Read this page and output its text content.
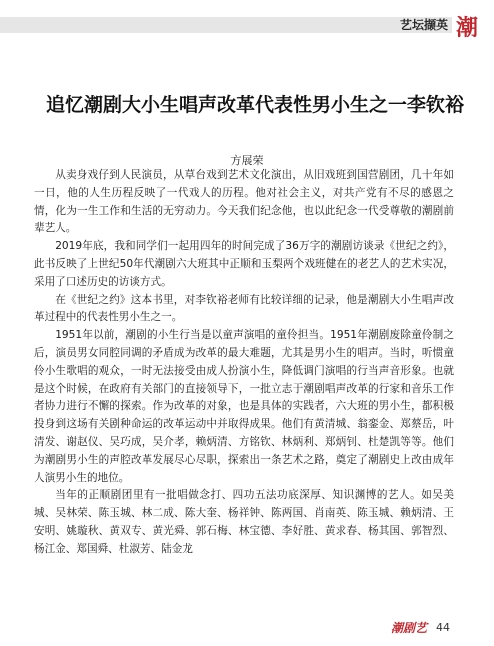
艺坛撷英 潮
追忆潮剧大小生唱声改革代表性男小生之一李钦裕
方展荣

从卖身戏仔到人民演员，从草台戏到艺术文化演出，从旧戏班到国营剧团，几十年如一日，他的人生历程反映了一代戏人的历程。他对社会主义，对共产党有不尽的感恩之情，化为一生工作和生活的无穷动力。今天我们纪念他，也以此纪念一代受尊敬的潮剧前辈艺人。

2019年底，我和同学们一起用四年的时间完成了36万字的潮剧访谈录《世纪之约》，此书反映了上世纪50年代潮剧六大班其中正顺和玉梨两个戏班健在的老艺人的艺术实况，采用了口述历史的访谈方式。

在《世纪之约》这本书里，对李钦裕老师有比较详细的记录，他是潮剧大小生唱声改革过程中的代表性男小生之一。

1951年以前，潮剧的小生行当是以童声演唱的童伶担当。1951年潮剧废除童伶制之后，演员男女同腔同调的矛盾成为改革的最大难题，尤其是男小生的唱声。当时，听惯童伶小生歌唱的观众，一时无法接受由成人扮演小生，降低调门演唱的行当声音形象。也就是这个时候，在政府有关部门的直接领导下，一批立志于潮剧唱声改革的行家和音乐工作者协力进行不懈的探索。作为改革的对象，也是具体的实践者，六大班的男小生，都积极投身到这场有关剧种命运的改革运动中并取得成果。他们有黄清城、翁銮金、郑蔡岳，叶清发、谢赵仪、吴巧成，吴介孝，赖炳清、方铭钦、林炳利、郑炳钊、杜楚凯等等。他们为潮剧男小生的声腔改革发展尽心尽职，探索出一条艺术之路，奠定了潮剧史上改由成年人演男小生的地位。

当年的正顺剧团里有一批唱做念打、四功五法功底深厚、知识渊博的艺人。如吴美城、吴林荣、陈玉城、林二成、陈大奎、杨祥钟、陈两国、肖南英、陈玉城、赖炳清、王安明、姚璇秋、黄双专、黄光舜、郭石梅、林宝德、李好胜、黄求春、杨其国、郭智烈、杨江金、郑国舜、杜淑芳、陆金龙

潮剧艺 44
